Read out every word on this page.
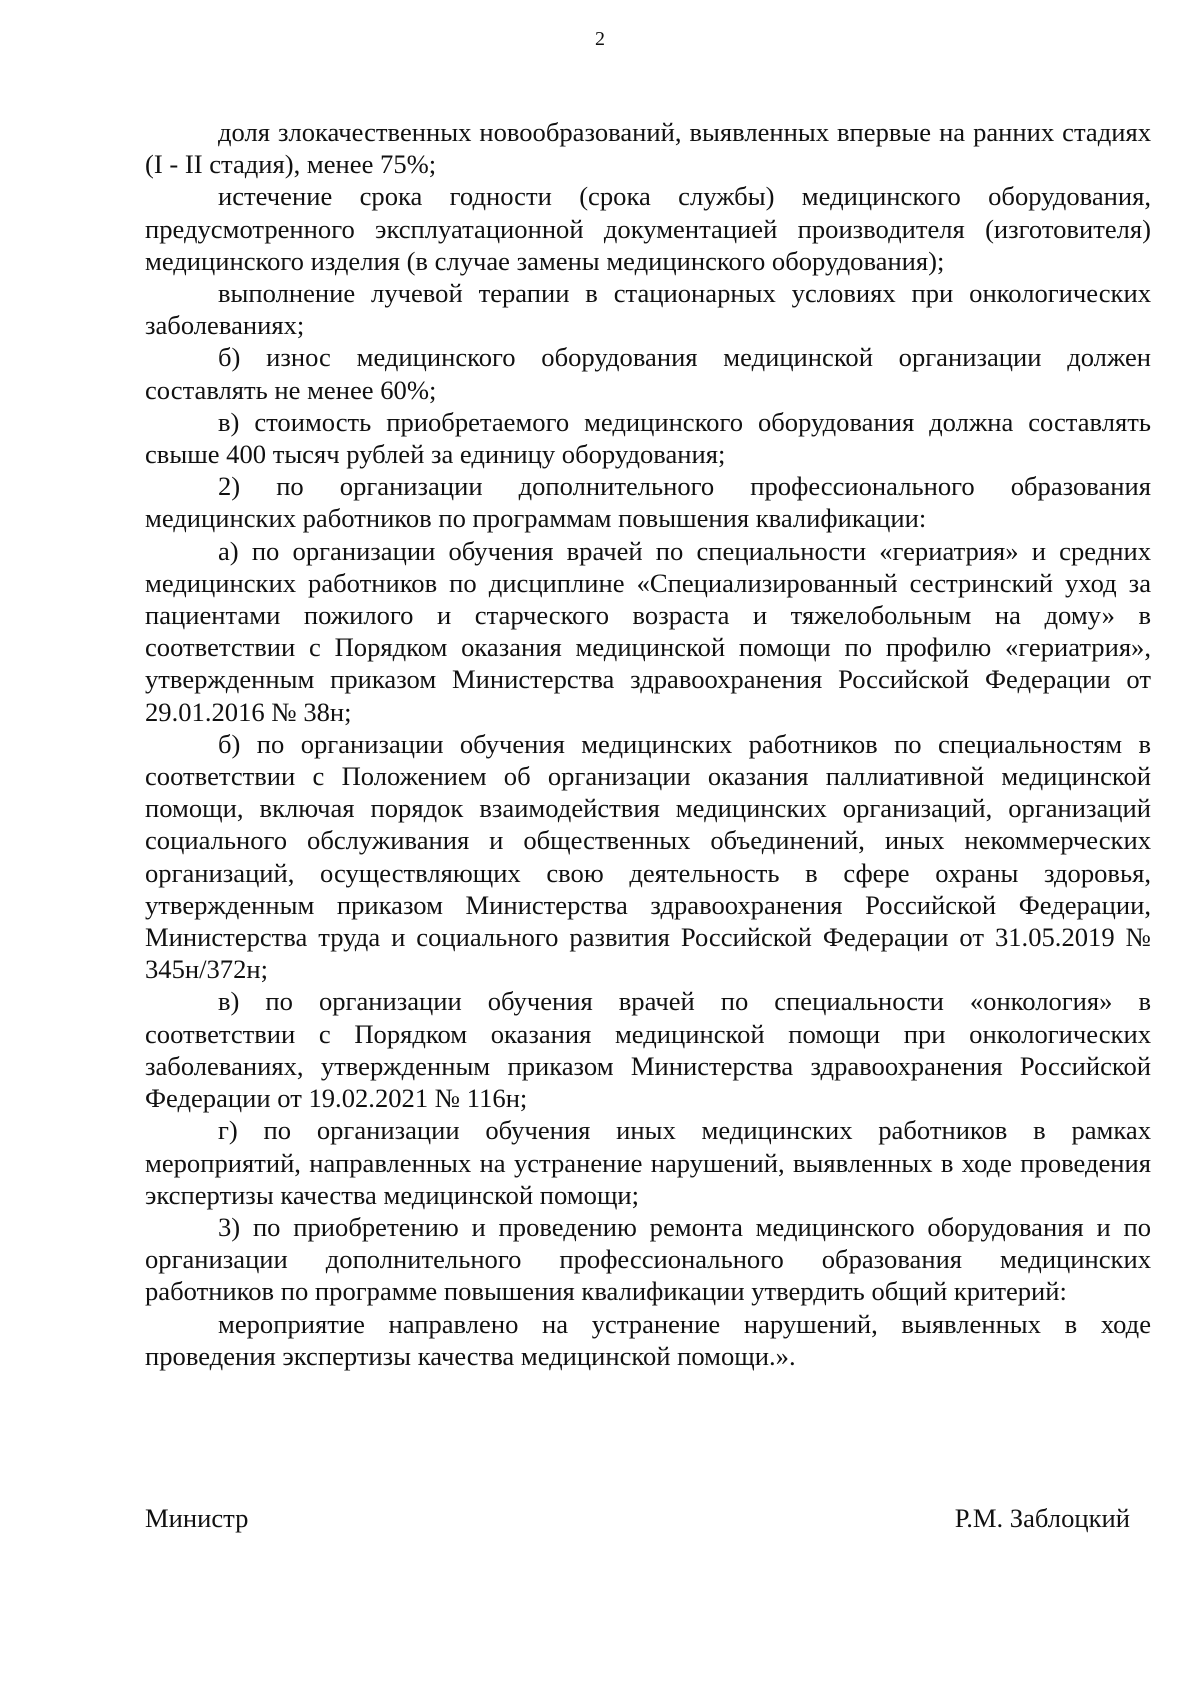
2

доля злокачественных новообразований, выявленных впервые на ранних стадиях (I - II стадия), менее 75%;

истечение срока годности (срока службы) медицинского оборудования, предусмотренного эксплуатационной документацией производителя (изготовителя) медицинского изделия (в случае замены медицинского оборудования);

выполнение лучевой терапии в стационарных условиях при онкологических заболеваниях;

б) износ медицинского оборудования медицинской организации должен составлять не менее 60%;

в) стоимость приобретаемого медицинского оборудования должна составлять свыше 400 тысяч рублей за единицу оборудования;

2) по организации дополнительного профессионального образования медицинских работников по программам повышения квалификации:

а) по организации обучения врачей по специальности «гериатрия» и средних медицинских работников по дисциплине «Специализированный сестринский уход за пациентами пожилого и старческого возраста и тяжелобольным на дому» в соответствии с Порядком оказания медицинской помощи по профилю «гериатрия», утвержденным приказом Министерства здравоохранения Российской Федерации от 29.01.2016 № 38н;

б) по организации обучения медицинских работников по специальностям в соответствии с Положением об организации оказания паллиативной медицинской помощи, включая порядок взаимодействия медицинских организаций, организаций социального обслуживания и общественных объединений, иных некоммерческих организаций, осуществляющих свою деятельность в сфере охраны здоровья, утвержденным приказом Министерства здравоохранения Российской Федерации, Министерства труда и социального развития Российской Федерации от 31.05.2019 № 345н/372н;

в) по организации обучения врачей по специальности «онкология» в соответствии с Порядком оказания медицинской помощи при онкологических заболеваниях, утвержденным приказом Министерства здравоохранения Российской Федерации от 19.02.2021 № 116н;

г) по организации обучения иных медицинских работников в рамках мероприятий, направленных на устранение нарушений, выявленных в ходе проведения экспертизы качества медицинской помощи;

3) по приобретению и проведению ремонта медицинского оборудования и по организации дополнительного профессионального образования медицинских работников по программе повышения квалификации утвердить общий критерий:

мероприятие направлено на устранение нарушений, выявленных в ходе проведения экспертизы качества медицинской помощи.».

Министр	Р.М. Заблоцкий
